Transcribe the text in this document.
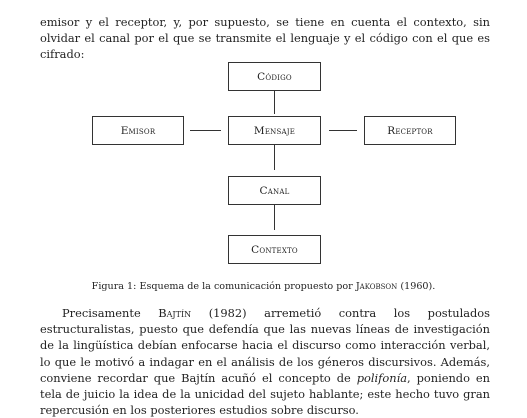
emisor y el receptor, y, por supuesto, se tiene en cuenta el contexto, sin olvidar el canal por el que se transmite el lenguaje y el código con el que es cifrado:

Código
Emisor	Mensaje	Receptor
Canal
Contexto

Figura 1: Esquema de la comunicación propuesto por Jakobson (1960).

Precisamente Bajtín (1982) arremetió contra los postulados estructuralistas, puesto que defendía que las nuevas líneas de investigación de la lingüística debían enfocarse hacia el discurso como interacción verbal, lo que le motivó a indagar en el análisis de los géneros discursivos. Además, conviene recordar que Bajtín acuñó el concepto de polifonía, poniendo en tela de juicio la idea de la unicidad del sujeto hablante; este hecho tuvo gran repercusión en los posteriores estudios sobre discurso.
